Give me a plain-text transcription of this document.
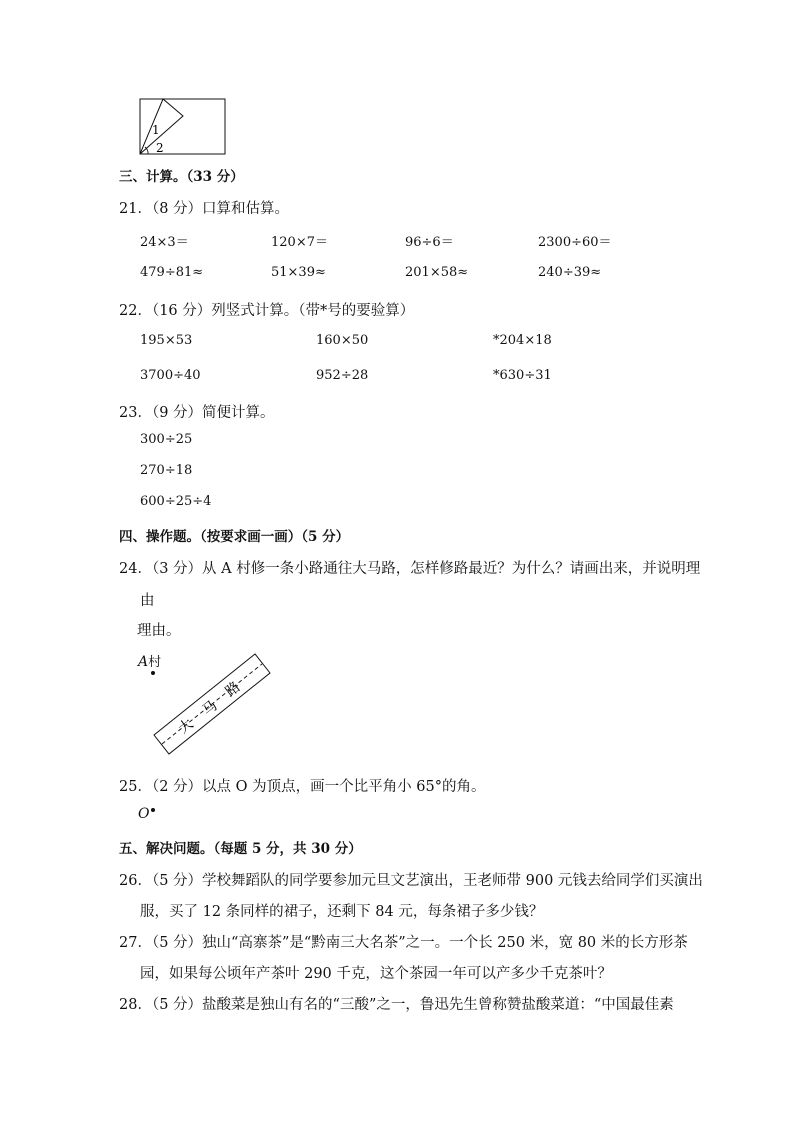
1
2
三、计算。（33 分）
21．（8 分）口算和估算。
24×3＝	120×7＝	96÷6＝	2300÷60＝
479÷81≈	51×39≈	201×58≈	240÷39≈
22．（16 分）列竖式计算。（带*号的要验算）
195×53	160×50	*204×18
3700÷40	952÷28	*630÷31
23．（9 分）简便计算。
300÷25
270÷18
600÷25÷4
四、操作题。（按要求画一画）（5 分）
24．（3 分）从 A 村修一条小路通往大马路，怎样修路最近？为什么？请画出来，并说明理
由
理由。
A村
大
马
路
25．（2 分）以点 O 为顶点，画一个比平角小 65°的角。
O
五、解决问题。（每题 5 分，共 30 分）
26．（5 分）学校舞蹈队的同学要参加元旦文艺演出，王老师带 900 元钱去给同学们买演出
服，买了 12 条同样的裙子，还剩下 84 元，每条裙子多少钱？
27．（5 分）独山“高寨茶”是“黔南三大名茶”之一。一个长 250 米，宽 80 米的长方形茶
园，如果每公顷年产茶叶 290 千克，这个茶园一年可以产多少千克茶叶？
28．（5 分）盐酸菜是独山有名的“三酸”之一，鲁迅先生曾称赞盐酸菜道：“中国最佳素
